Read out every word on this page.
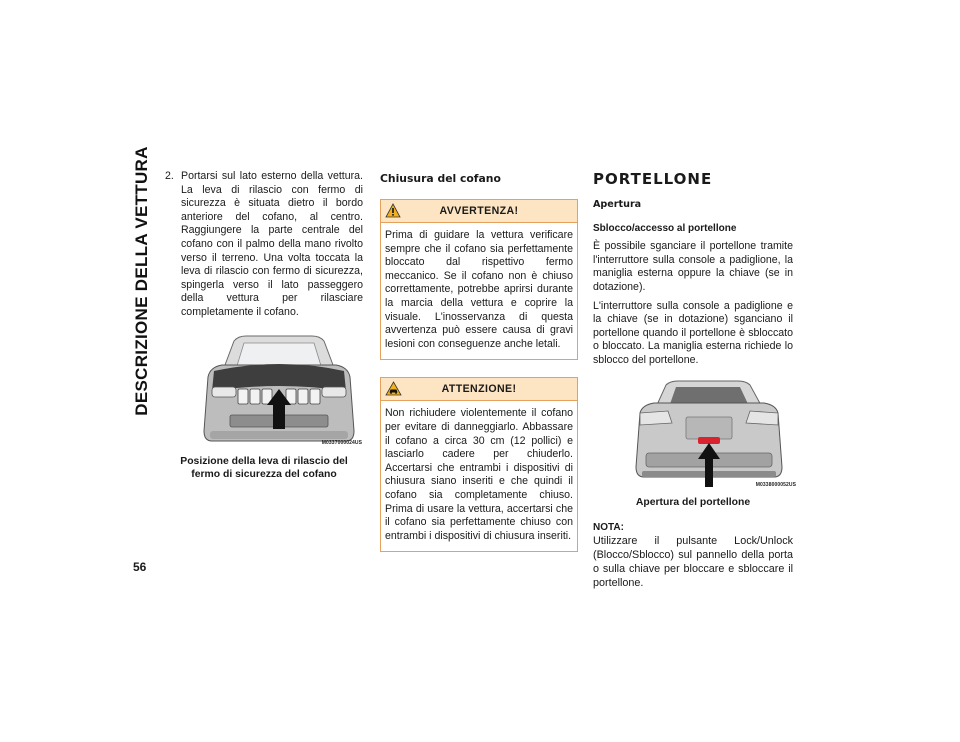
DESCRIZIONE DELLA VETTURA
56
2. Portarsi sul lato esterno della vettura. La leva di rilascio con fermo di sicurezza è situata dietro il bordo anteriore del cofano, al centro. Raggiungere la parte centrale del cofano con il palmo della mano rivolto verso il terreno. Una volta toccata la leva di rilascio con fermo di sicurezza, spingerla verso il lato passeggero della vettura per rilasciare completamente il cofano.
M0337000024US
Posizione della leva di rilascio del fermo di sicurezza del cofano
Chiusura del cofano
AVVERTENZA!
Prima di guidare la vettura verificare sempre che il cofano sia perfettamente bloccato dal rispettivo fermo meccanico. Se il cofano non è chiuso correttamente, potrebbe aprirsi durante la marcia della vettura e coprire la visuale. L'inosservanza di questa avvertenza può essere causa di gravi lesioni con conseguenze anche letali.
ATTENZIONE!
Non richiudere violentemente il cofano per evitare di danneggiarlo. Abbassare il cofano a circa 30 cm (12 pollici) e lasciarlo cadere per chiuderlo. Accertarsi che entrambi i dispositivi di chiusura siano inseriti e che quindi il cofano sia completamente chiuso. Prima di usare la vettura, accertarsi che il cofano sia perfettamente chiuso con entrambi i dispositivi di chiusura inseriti.
PORTELLONE
Apertura
Sblocco/accesso al portellone

È possibile sganciare il portellone tramite l'interruttore sulla console a padiglione, la maniglia esterna oppure la chiave (se in dotazione).

L'interruttore sulla console a padiglione e la chiave (se in dotazione) sganciano il portellone quando il portellone è sbloccato o bloccato. La maniglia esterna richiede lo sblocco del portellone.

M0338000052US
Apertura del portellone
NOTA:

Utilizzare il pulsante Lock/Unlock (Blocco/Sblocco) sul pannello della porta o sulla chiave per bloccare e sbloccare il portellone.
